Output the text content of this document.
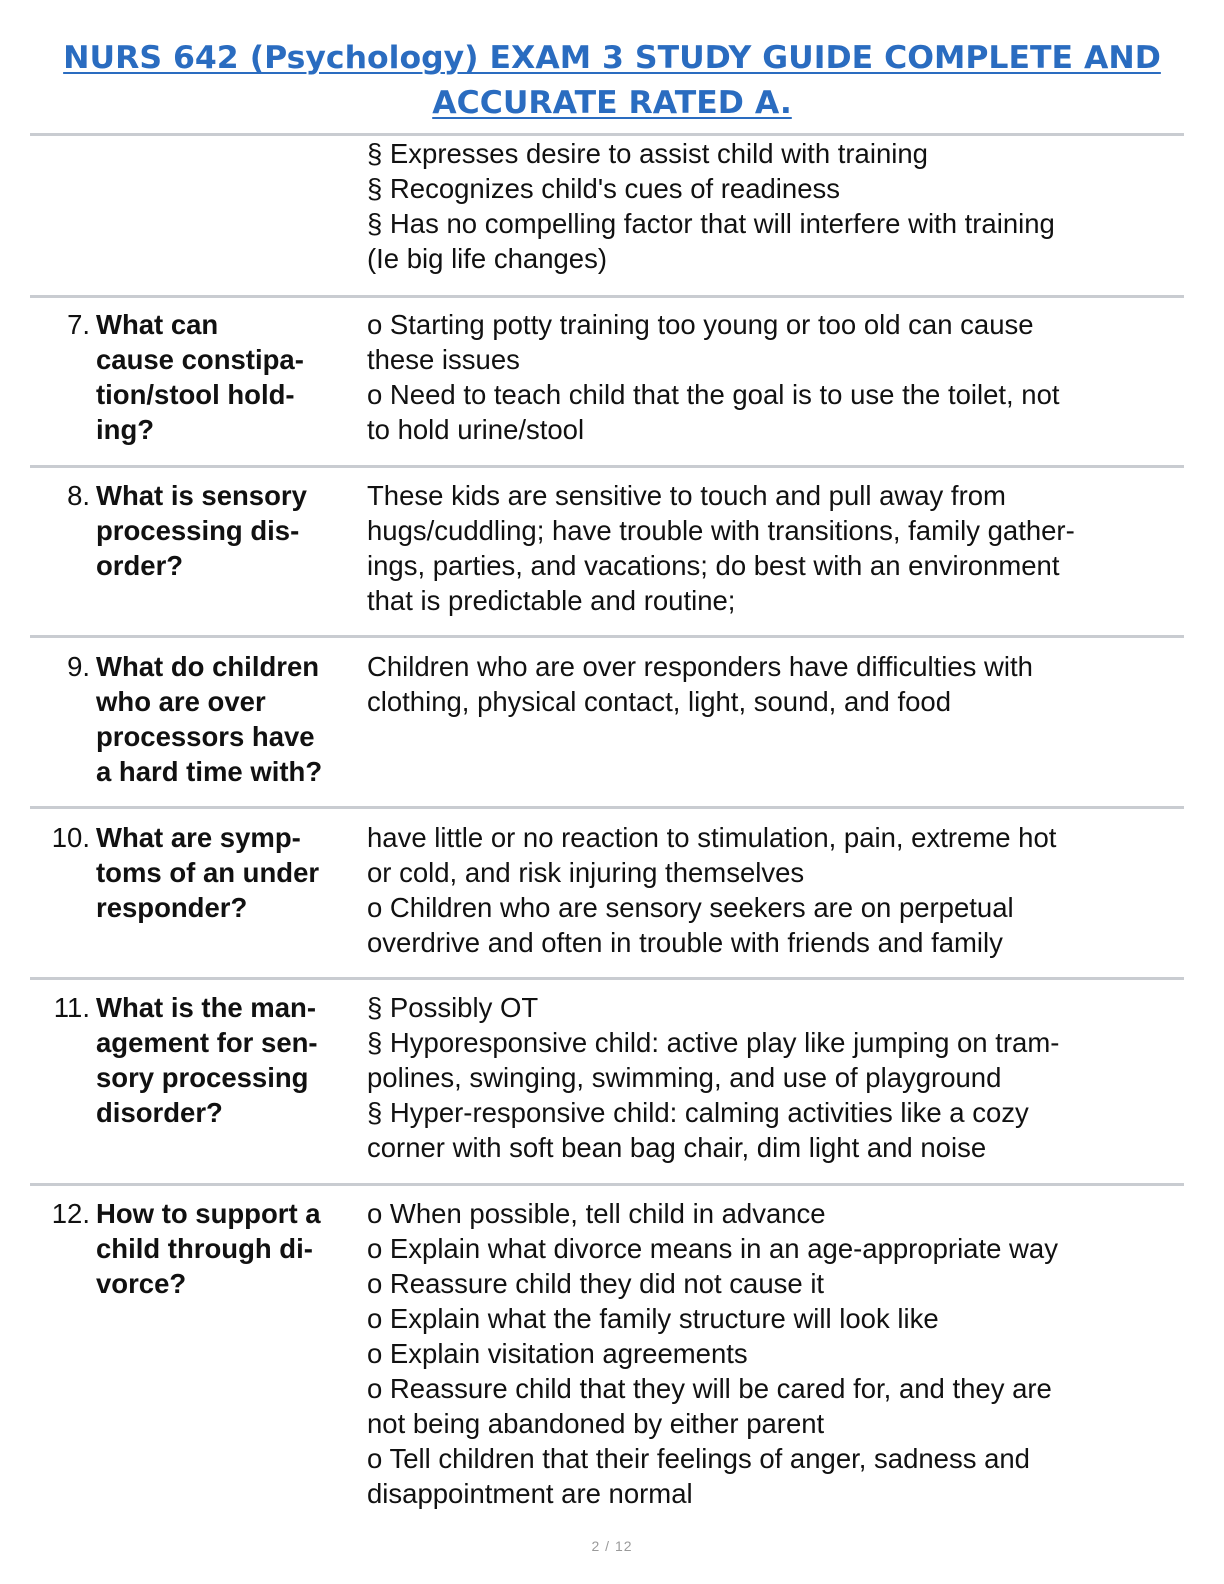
NURS 642 (Psychology) EXAM 3 STUDY GUIDE COMPLETE AND
ACCURATE RATED A.
§ Expresses desire to assist child with training
§ Recognizes child's cues of readiness
§ Has no compelling factor that will interfere with training
(Ie big life changes)
7. What can
cause constipa-
tion/stool hold-
ing?
o Starting potty training too young or too old can cause
these issues
o Need to teach child that the goal is to use the toilet, not
to hold urine/stool
8. What is sensory
processing dis-
order?
These kids are sensitive to touch and pull away from
hugs/cuddling; have trouble with transitions, family gather-
ings, parties, and vacations; do best with an environment
that is predictable and routine;
9. What do children
who are over
processors have
a hard time with?
Children who are over responders have difficulties with
clothing, physical contact, light, sound, and food
10. What are symp-
toms of an under
responder?
have little or no reaction to stimulation, pain, extreme hot
or cold, and risk injuring themselves
o Children who are sensory seekers are on perpetual
overdrive and often in trouble with friends and family
11. What is the man-
agement for sen-
sory processing
disorder?
§ Possibly OT
§ Hyporesponsive child: active play like jumping on tram-
polines, swinging, swimming, and use of playground
§ Hyper-responsive child: calming activities like a cozy
corner with soft bean bag chair, dim light and noise
12. How to support a
child through di-
vorce?
o When possible, tell child in advance
o Explain what divorce means in an age-appropriate way
o Reassure child they did not cause it
o Explain what the family structure will look like
o Explain visitation agreements
o Reassure child that they will be cared for, and they are
not being abandoned by either parent
o Tell children that their feelings of anger, sadness and
disappointment are normal
2 / 12
